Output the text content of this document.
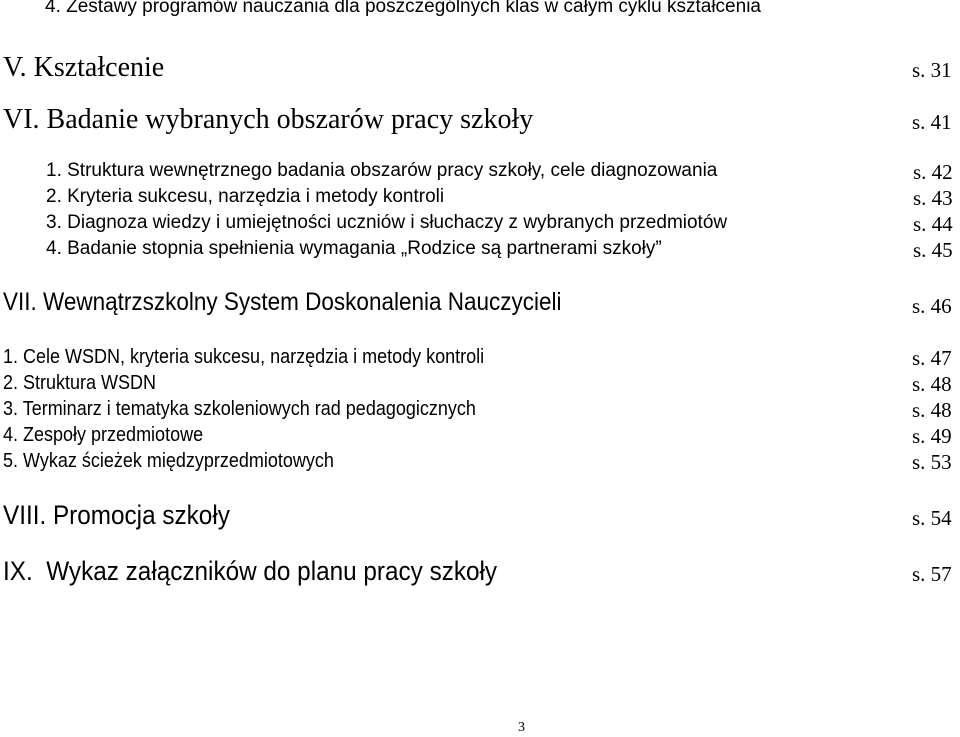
4. Zestawy programów nauczania dla poszczególnych klas w całym cyklu kształcenia
V. Kształcenie	s. 31
VI. Badanie wybranych obszarów pracy szkoły	s. 41
1. Struktura wewnętrznego badania obszarów pracy szkoły, cele diagnozowania	s. 42
2. Kryteria sukcesu, narzędzia i metody kontroli	s. 43
3. Diagnoza wiedzy i umiejętności uczniów i słuchaczy z wybranych przedmiotów	s. 44
4. Badanie stopnia spełnienia wymagania „Rodzice są partnerami szkoły”	s. 45
VII. Wewnątrzszkolny System Doskonalenia Nauczycieli	s. 46
1. Cele WSDN, kryteria sukcesu, narzędzia i metody kontroli	s. 47
2. Struktura WSDN	s. 48
3. Terminarz i tematyka szkoleniowych rad pedagogicznych	s. 48
4. Zespoły przedmiotowe	s. 49
5. Wykaz ścieżek międzyprzedmiotowych	s. 53
VIII. Promocja szkoły	s. 54
IX.  Wykaz załączników do planu pracy szkoły	s. 57
3
